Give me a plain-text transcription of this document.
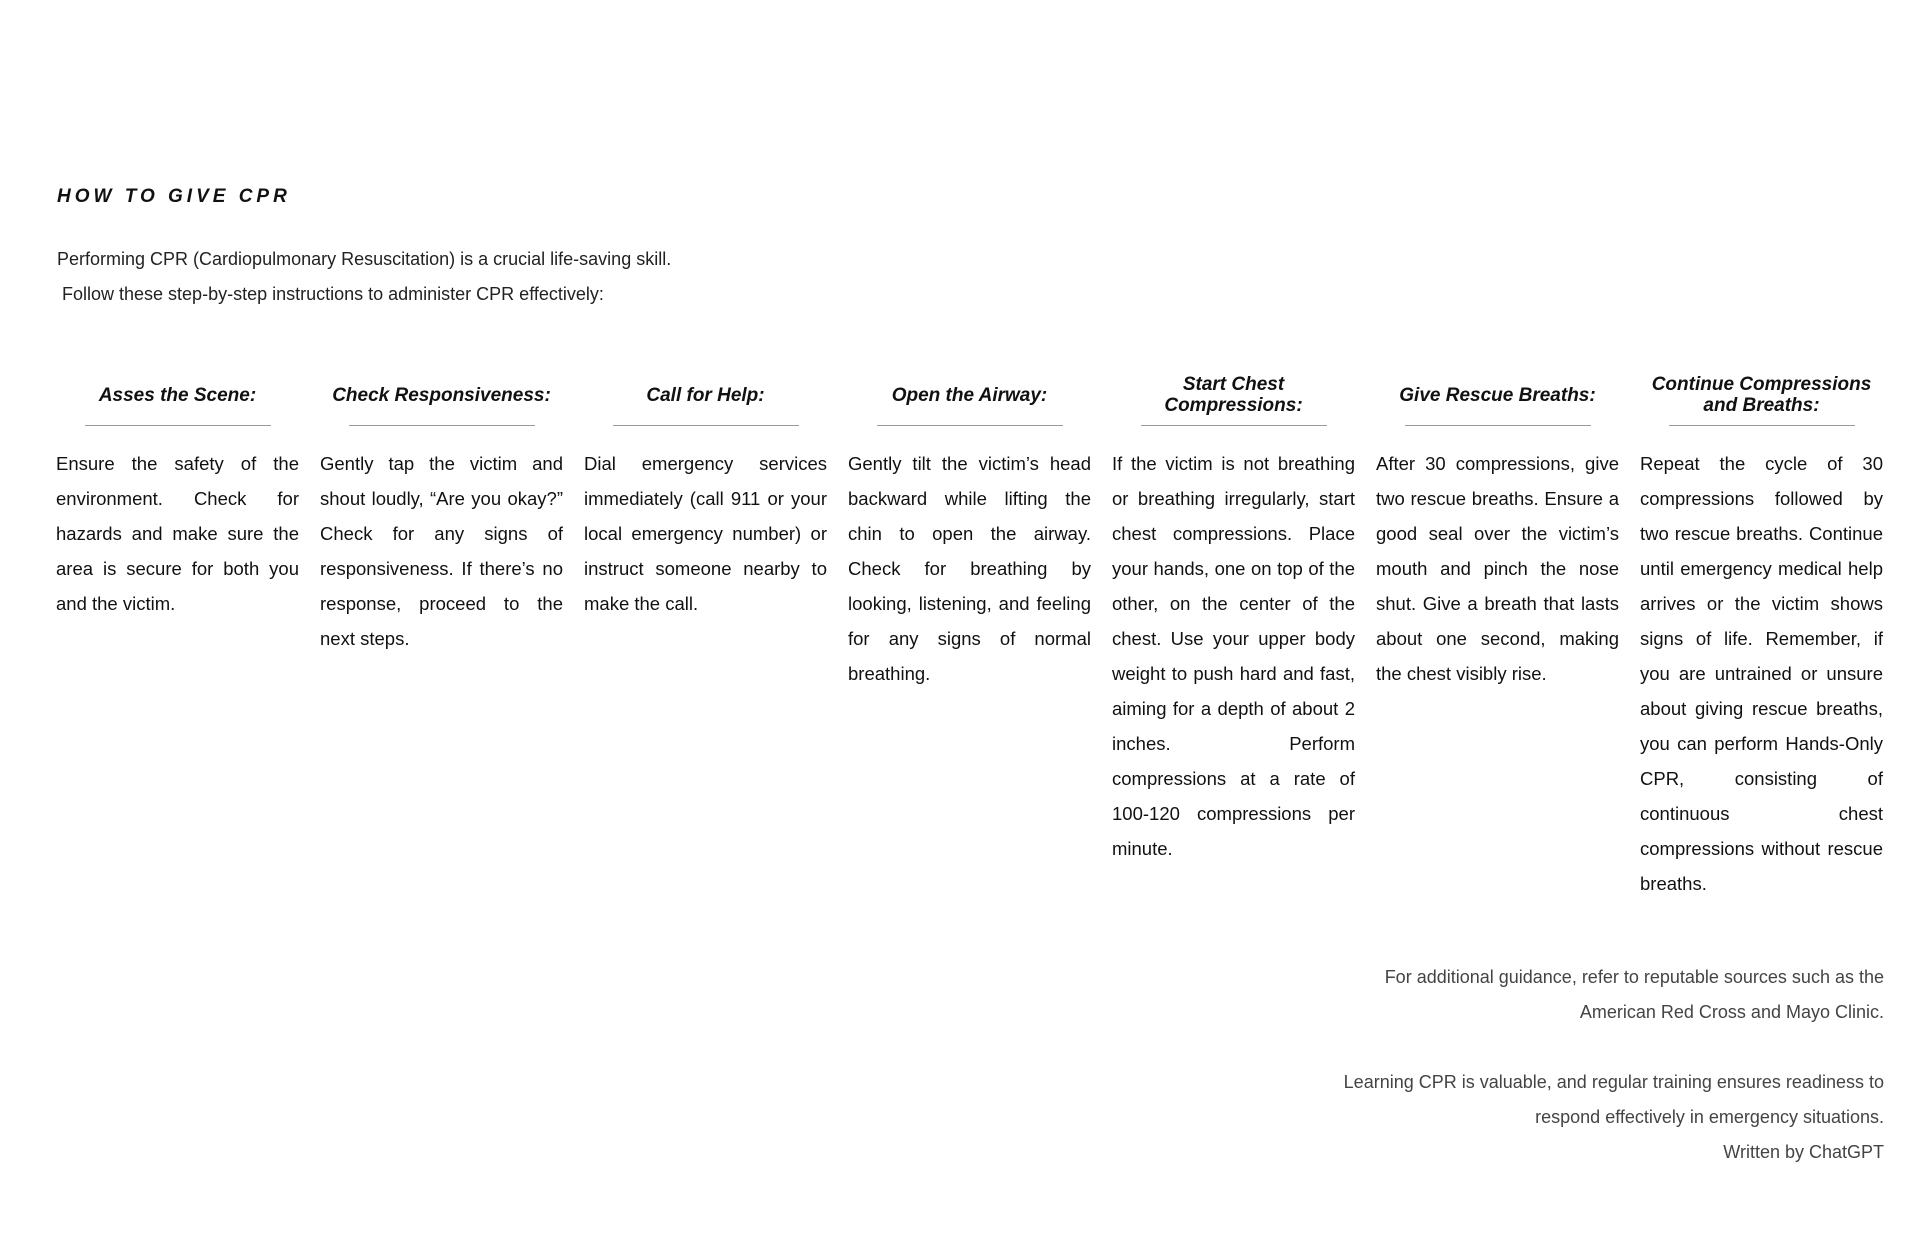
HOW TO GIVE CPR

Performing CPR (Cardiopulmonary Resuscitation) is a crucial life-saving skill.

Follow these step-by-step instructions to administer CPR effectively:

Asses the Scene:
Ensure the safety of the environment. Check for hazards and make sure the area is secure for both you and the victim.
Check Responsiveness:
Gently tap the victim and shout loudly, “Are you okay?” Check for any signs of responsiveness. If there’s no response, proceed to the next steps.
Call for Help:
Dial emergency services immediately (call 911 or your local emergency number) or instruct someone nearby to make the call.
Open the Airway:
Gently tilt the victim’s head backward while lifting the chin to open the airway. Check for breathing by looking, listening, and feeling for any signs of normal breathing.
Start Chest Compressions:
If the victim is not breathing or breathing irregularly, start chest compressions. Place your hands, one on top of the other, on the center of the chest. Use your upper body weight to push hard and fast, aiming for a depth of about 2 inches. Perform compressions at a rate of 100-120 compressions per minute.
Give Rescue Breaths:
After 30 compressions, give two rescue breaths. Ensure a good seal over the victim’s mouth and pinch the nose shut. Give a breath that lasts about one second, making the chest visibly rise.
Continue Compressions and Breaths:
Repeat the cycle of 30 compressions followed by two rescue breaths. Continue until emergency medical help arrives or the victim shows signs of life. Remember, if you are untrained or unsure about giving rescue breaths, you can perform Hands-Only CPR, consisting of continuous chest compressions without rescue breaths.

For additional guidance, refer to reputable sources such as the American Red Cross and Mayo Clinic.

Learning CPR is valuable, and regular training ensures readiness to respond effectively in emergency situations.

Written by ChatGPT
